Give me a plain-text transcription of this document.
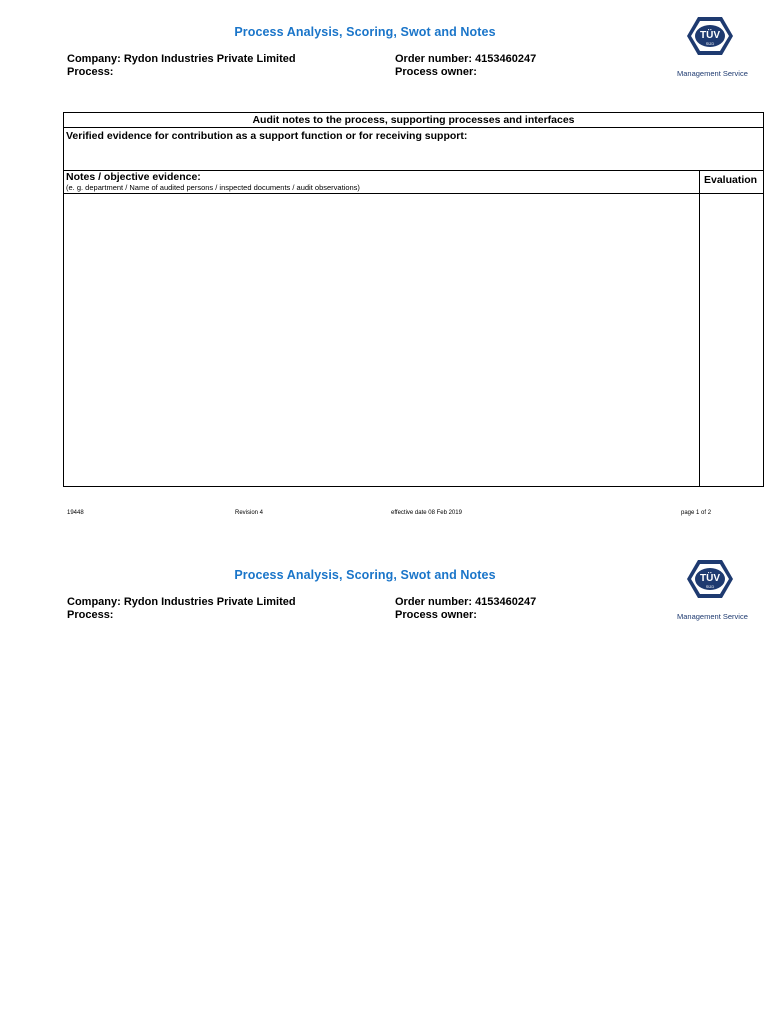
Process Analysis, Scoring, Swot and Notes
Company: Rydon Industries Private Limited
Process:
Order number: 4153460247
Process owner:
TÜV
SÜD
Management Service
Audit notes to the process, supporting processes and interfaces
Verified evidence for contribution as a support function or for receiving support:
Notes / objective evidence:
(e. g. department / Name of audited persons / inspected documents / audit observations)
Evaluation
19448	Revision 4	effective date 08 Feb 2019	page 1 of 2
Process Analysis, Scoring, Swot and Notes
Company: Rydon Industries Private Limited
Process:
Order number: 4153460247
Process owner:
TÜV
SÜD
Management Service
